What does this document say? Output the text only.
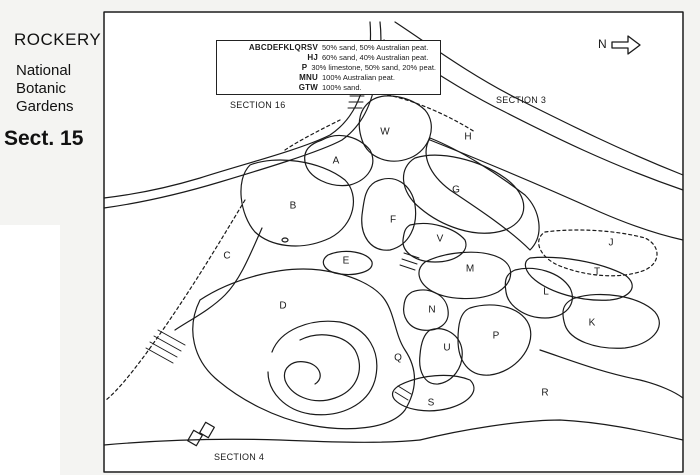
ROCKERY
National
Botanic
Gardens
Sect. 15
ABCDEFKLQRSV 50% sand, 50% Australian peat.
HJ 60% sand, 40% Australian peat.
P 30% limestone, 50% sand, 20% peat.
MNU 100% Australian peat.
GTW 100% sand.
SECTION 16	SECTION 3
SECTION 4
N
A
B
C
D
E
F
G
H
J
K
L
M
N
P
Q
R
S
T
U
V
W
